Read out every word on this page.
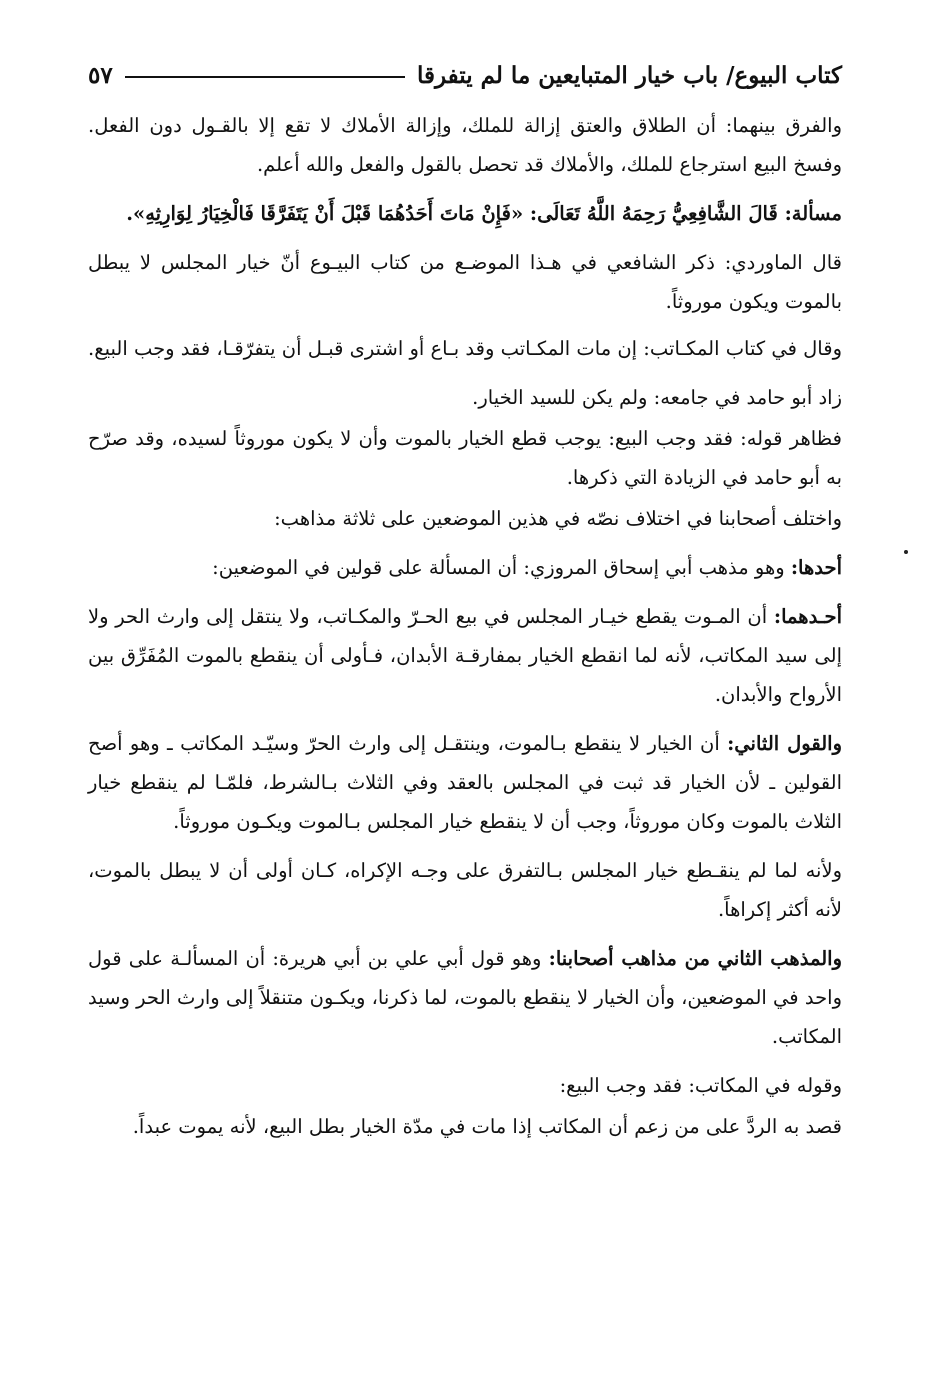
كتاب البيوع/ باب خيار المتبايعين ما لم يتفرقا
٥٧

والفرق بينهما: أن الطلاق والعتق إزالة للملك، وإزالة الأملاك لا تقع إلا بالقـول دون الفعل. وفسخ البيع استرجاع للملك، والأملاك قد تحصل بالقول والفعل والله أعلم.

مسألة: قَالَ الشَّافِعِيُّ رَحِمَهُ اللَّهُ تَعَالَى: «فَإِنْ مَاتَ أَحَدُهُمَا قَبْلَ أَنْ يَتَفَرَّقَا فَالْخِيَارُ لِوَارِثِهِ».

قال الماوردي: ذكر الشافعي في هـذا الموضـع من كتاب البيـوع أنّ خيار المجلس لا يبطل بالموت ويكون موروثاً.

وقال في كتاب المكـاتب: إن مات المكـاتب وقد بـاع أو اشترى قبـل أن يتفرّقـا، فقد وجب البيع.

زاد أبو حامد في جامعه: ولم يكن للسيد الخيار.

فظاهر قوله: فقد وجب البيع: يوجب قطع الخيار بالموت وأن لا يكون موروثاً لسيده، وقد صرّح به أبو حامد في الزيادة التي ذكرها.

واختلف أصحابنا في اختلاف نصّه في هذين الموضعين على ثلاثة مذاهب:

أحدها: وهو مذهب أبي إسحاق المروزي: أن المسألة على قولين في الموضعين:

أحـدهما: أن المـوت يقطع خيـار المجلس في بيع الحـرّ والمكـاتب، ولا ينتقل إلى وارث الحر ولا إلى سيد المكاتب، لأنه لما انقطع الخيار بمفارقـة الأبدان، فـأولى أن ينقطع بالموت المُفَرِّق بين الأرواح والأبدان.

والقول الثاني: أن الخيار لا ينقطع بـالموت، وينتقـل إلى وارث الحرّ وسيّـد المكاتب ـ وهو أصح القولين ـ لأن الخيار قد ثبت في المجلس بالعقد وفي الثلاث بـالشرط، فلمّـا لم ينقطع خيار الثلاث بالموت وكان موروثاً، وجب أن لا ينقطع خيار المجلس بـالموت ويكـون موروثاً.

ولأنه لما لم ينقـطع خيار المجلس بـالتفرق على وجـه الإكراه، كـان أولى أن لا يبطل بالموت، لأنه أكثر إكراهاً.

والمذهب الثاني من مذاهب أصحابنا: وهو قول أبي علي بن أبي هريرة: أن المسألـة على قول واحد في الموضعين، وأن الخيار لا ينقطع بالموت، لما ذكرنا، ويكـون متنقلاً إلى وارث الحر وسيد المكاتب.

وقوله في المكاتب: فقد وجب البيع:

قصد به الردَّ على من زعم أن المكاتب إذا مات في مدّة الخيار بطل البيع، لأنه يموت عبداً.
